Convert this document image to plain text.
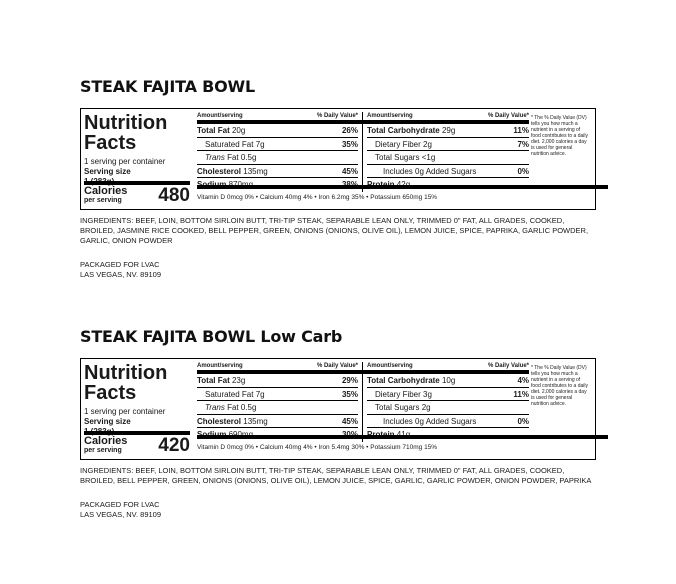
STEAK FAJITA BOWL
Nutrition Facts
1 serving per container
Serving size
1 (283g)
Calories
per serving 480
Amount/serving	% Daily Value* Amount/serving	% Daily Value*
Total Fat 20g	26%
Saturated Fat 7g	35%
Trans Fat 0.5g
Cholesterol 135mg	45%
Sodium 870mg	38%
Total Carbohydrate 29g	11%
Dietary Fiber 2g	7%
Total Sugars <1g
Includes 0g Added Sugars	0%
Protein 42g
Vitamin D 0mcg 0% • Calcium 40mg 4% • Iron 6.2mg 35% • Potassium 650mg 15%
* The % Daily Value (DV) tells you how much a nutrient in a serving of food contributes to a daily diet. 2,000 calories a day is used for general nutrition advice.
INGREDIENTS: BEEF, LOIN, BOTTOM SIRLOIN BUTT, TRI-TIP STEAK, SEPARABLE LEAN ONLY, TRIMMED 0" FAT, ALL GRADES, COOKED, BROILED, JASMINE RICE COOKED, BELL PEPPER, GREEN, ONIONS (ONIONS, OLIVE OIL), LEMON JUICE, SPICE, PAPRIKA, GARLIC POWDER, GARLIC, ONION POWDER
PACKAGED FOR LVAC
LAS VEGAS, NV. 89109
STEAK FAJITA BOWL Low Carb
Nutrition Facts
1 serving per container
Serving size
1 (283g)
Calories
per serving 420
Amount/serving	% Daily Value* Amount/serving	% Daily Value*
Total Fat 23g	29%
Saturated Fat 7g	35%
Trans Fat 0.5g
Cholesterol 135mg	45%
Sodium 690mg	30%
Total Carbohydrate 10g	4%
Dietary Fiber 3g	11%
Total Sugars 2g
Includes 0g Added Sugars	0%
Protein 41g
Vitamin D 0mcg 0% • Calcium 40mg 4% • Iron 5.4mg 30% • Potassium 710mg 15%
* The % Daily Value (DV) tells you how much a nutrient in a serving of food contributes to a daily diet. 2,000 calories a day is used for general nutrition advice.
INGREDIENTS: BEEF, LOIN, BOTTOM SIRLOIN BUTT, TRI-TIP STEAK, SEPARABLE LEAN ONLY, TRIMMED 0" FAT, ALL GRADES, COOKED, BROILED, BELL PEPPER, GREEN, ONIONS (ONIONS, OLIVE OIL), LEMON JUICE, SPICE, GARLIC, GARLIC POWDER, ONION POWDER, PAPRIKA
PACKAGED FOR LVAC
LAS VEGAS, NV. 89109
